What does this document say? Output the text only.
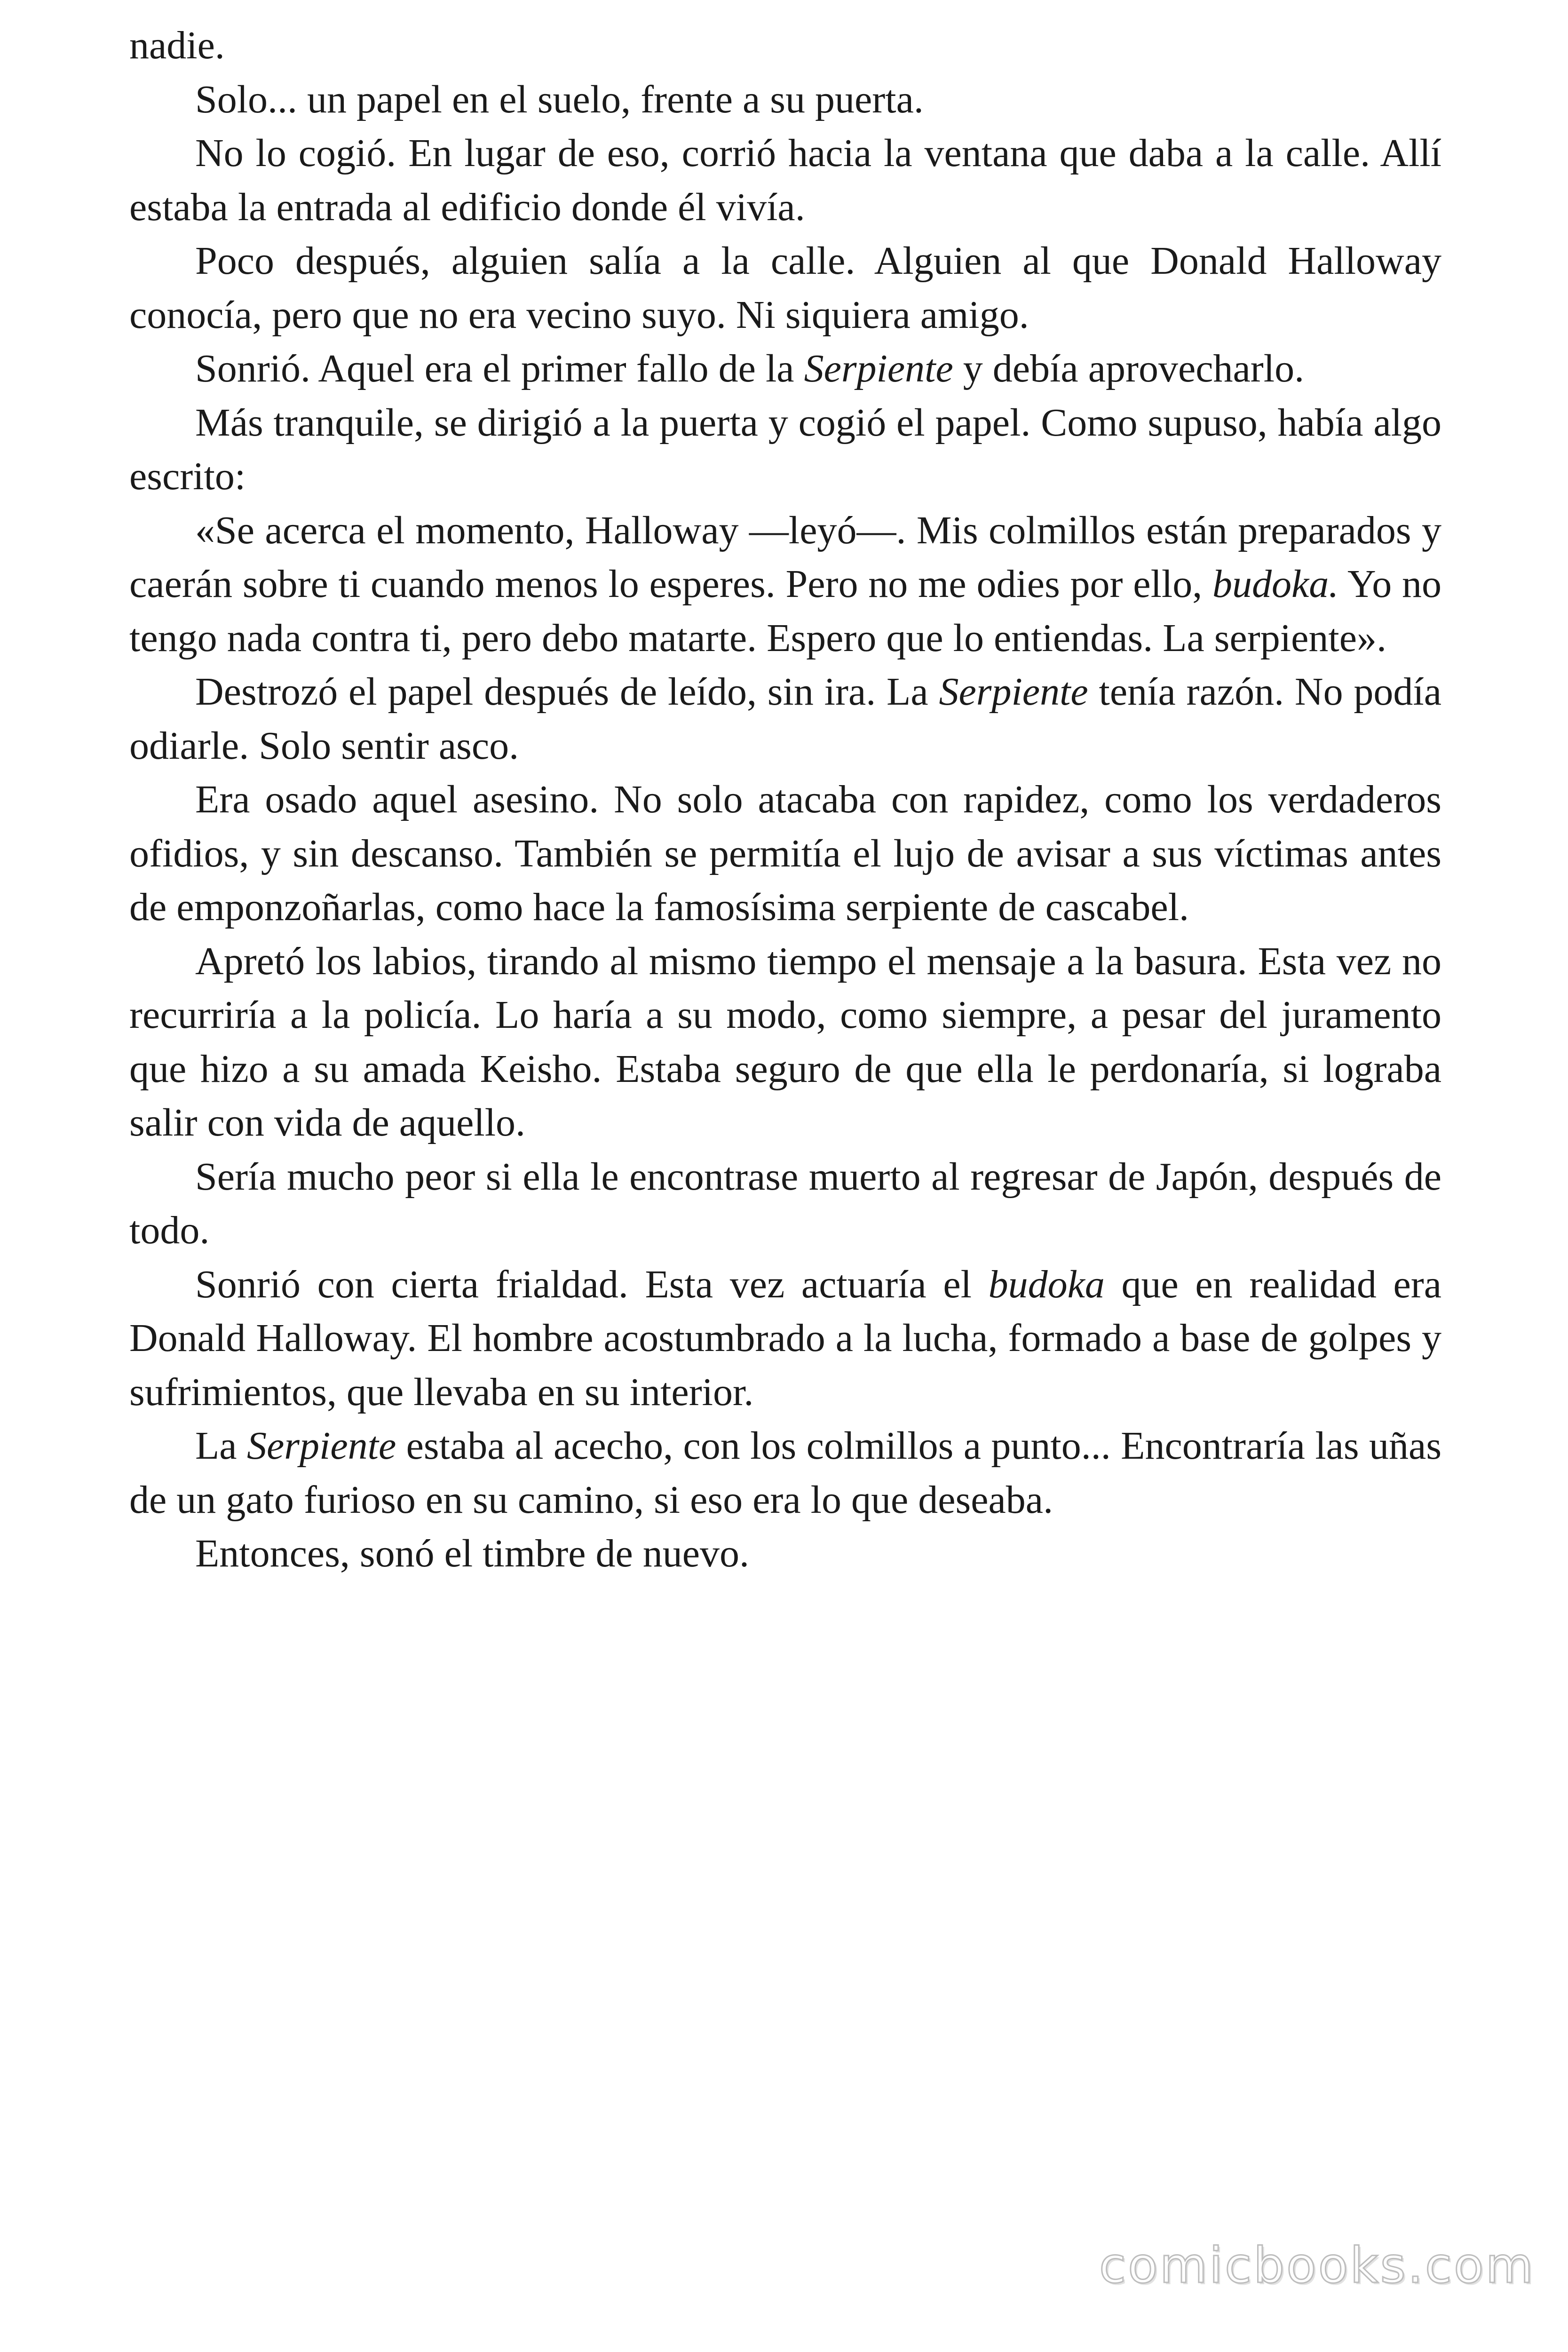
nadie.

Solo... un papel en el suelo, frente a su puerta.

No lo cogió. En lugar de eso, corrió hacia la ventana que daba a la calle. Allí estaba la entrada al edificio donde él vivía.

Poco después, alguien salía a la calle. Alguien al que Donald Halloway conocía, pero que no era vecino suyo. Ni siquiera amigo.

Sonrió. Aquel era el primer fallo de la Serpiente y debía aprovecharlo.

Más tranquile, se dirigió a la puerta y cogió el papel. Como supuso, había algo escrito:

«Se acerca el momento, Halloway —leyó—. Mis colmillos están preparados y caerán sobre ti cuando menos lo esperes. Pero no me odies por ello, budoka. Yo no tengo nada contra ti, pero debo matarte. Espero que lo entiendas. La serpiente».

Destrozó el papel después de leído, sin ira. La Serpiente tenía razón. No podía odiarle. Solo sentir asco.

Era osado aquel asesino. No solo atacaba con rapidez, como los verdaderos ofidios, y sin descanso. También se permitía el lujo de avisar a sus víctimas antes de emponzoñarlas, como hace la famosísima serpiente de cascabel.

Apretó los labios, tirando al mismo tiempo el mensaje a la basura. Esta vez no recurriría a la policía. Lo haría a su modo, como siempre, a pesar del juramento que hizo a su amada Keisho. Estaba seguro de que ella le perdonaría, si lograba salir con vida de aquello.

Sería mucho peor si ella le encontrase muerto al regresar de Japón, después de todo.

Sonrió con cierta frialdad. Esta vez actuaría el budoka que en realidad era Donald Halloway. El hombre acostumbrado a la lucha, formado a base de golpes y sufrimientos, que llevaba en su interior.

La Serpiente estaba al acecho, con los colmillos a punto... Encontraría las uñas de un gato furioso en su camino, si eso era lo que deseaba.

Entonces, sonó el timbre de nuevo.

comicbooks.com
